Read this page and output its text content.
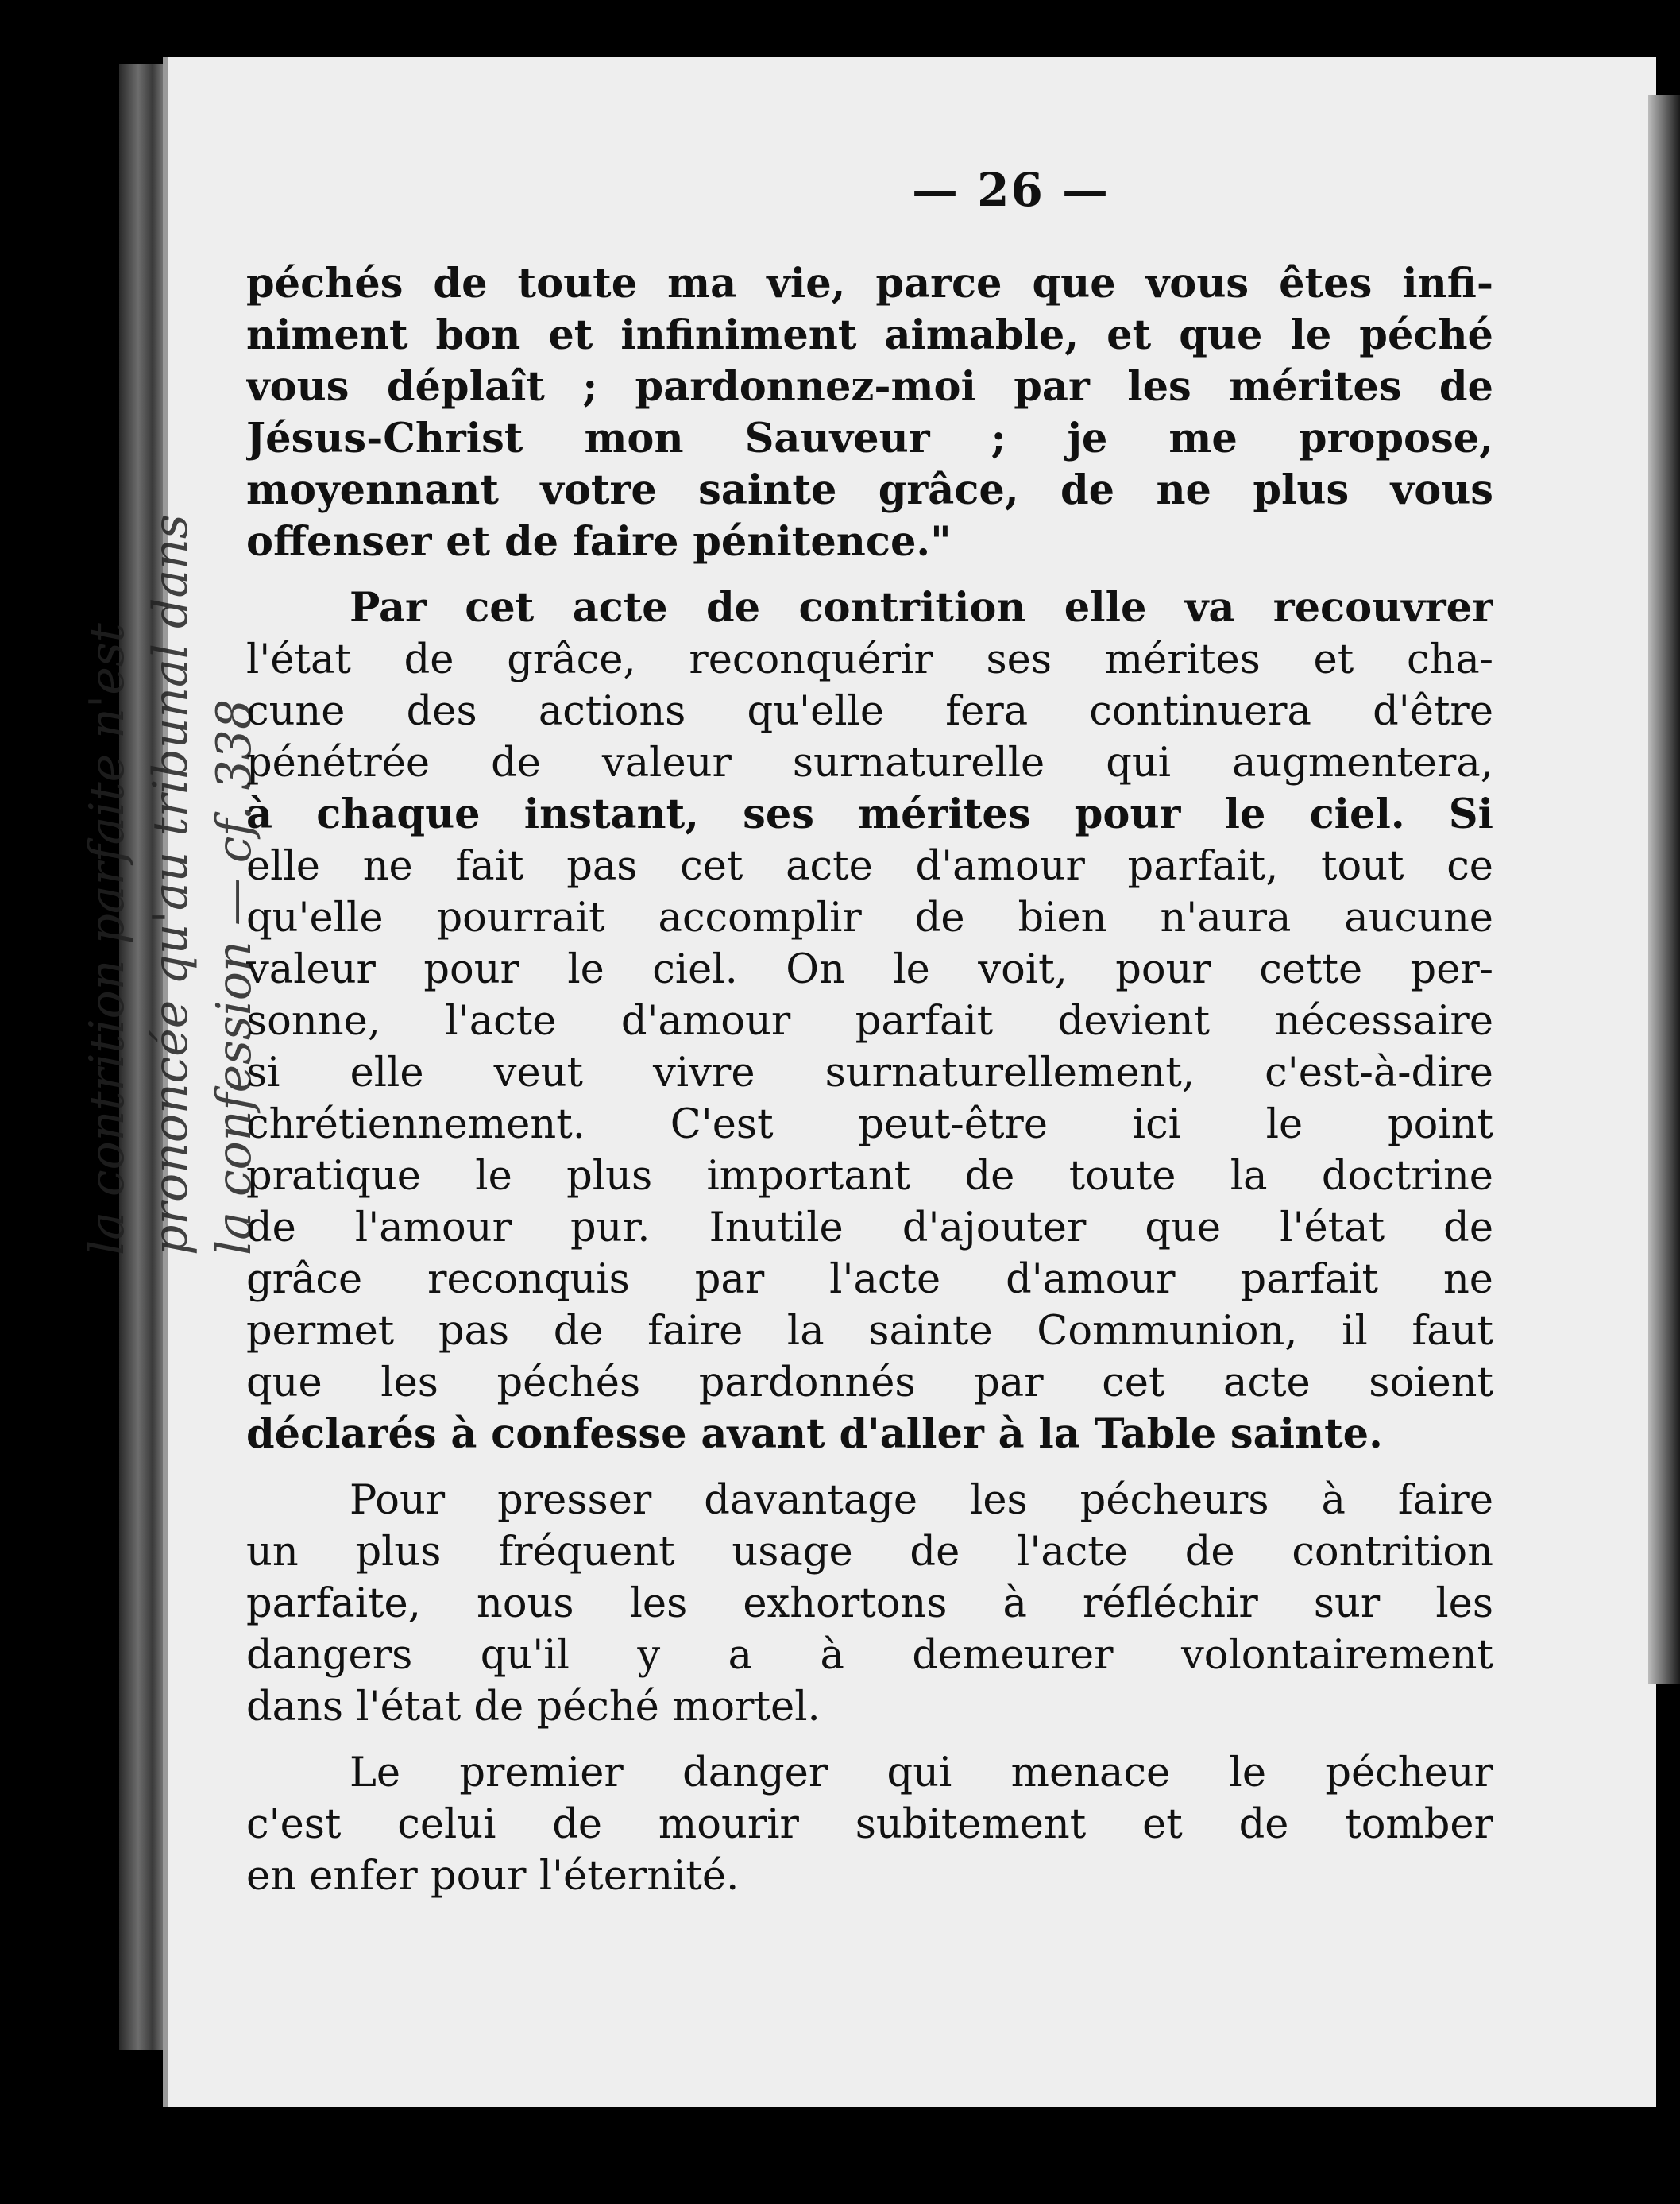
la contrition parfaite n'est prononcée qu'au tribunal dans la confession — cf. 338
— 26 —
péchés de toute ma vie, parce que vous êtes infi-
niment bon et infiniment aimable, et que le péché
vous déplaît ; pardonnez-moi par les mérites de
Jésus-Christ mon Sauveur ; je me propose,
moyennant votre sainte grâce, de ne plus vous
offenser et de faire pénitence."
Par cet acte de contrition elle va recouvrer
l'état de grâce, reconquérir ses mérites et cha-
cune des actions qu'elle fera continuera d'être
pénétrée de valeur surnaturelle qui augmentera,
à chaque instant, ses mérites pour le ciel. Si
elle ne fait pas cet acte d'amour parfait, tout ce
qu'elle pourrait accomplir de bien n'aura aucune
valeur pour le ciel. On le voit, pour cette per-
sonne, l'acte d'amour parfait devient nécessaire
si elle veut vivre surnaturellement, c'est-à-dire
chrétiennement. C'est peut-être ici le point
pratique le plus important de toute la doctrine
de l'amour pur. Inutile d'ajouter que l'état de
grâce reconquis par l'acte d'amour parfait ne
permet pas de faire la sainte Communion, il faut
que les péchés pardonnés par cet acte soient
déclarés à confesse avant d'aller à la Table sainte.
Pour presser davantage les pécheurs à faire
un plus fréquent usage de l'acte de contrition
parfaite, nous les exhortons à réfléchir sur les
dangers qu'il y a à demeurer volontairement
dans l'état de péché mortel.
Le premier danger qui menace le pécheur
c'est celui de mourir subitement et de tomber
en enfer pour l'éternité.
